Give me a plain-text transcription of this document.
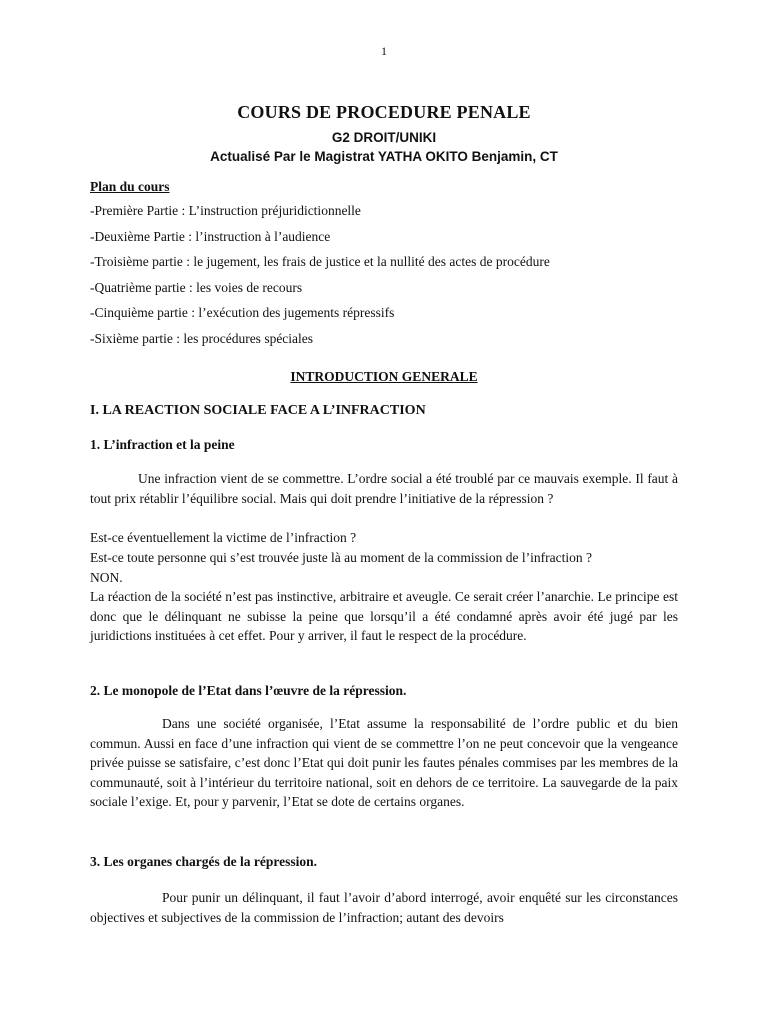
1
COURS DE PROCEDURE PENALE
G2 DROIT/UNIKI
Actualisé Par le Magistrat YATHA OKITO Benjamin, CT
Plan du cours
-Première Partie : L’instruction préjuridictionnelle
-Deuxième Partie : l’instruction à l’audience
-Troisième partie : le jugement, les frais de justice et la nullité des actes de procédure
-Quatrième partie : les voies de recours
-Cinquième partie : l’exécution des jugements répressifs
-Sixième partie : les procédures spéciales
INTRODUCTION GENERALE
I. LA REACTION SOCIALE FACE A L’INFRACTION
1. L’infraction et la peine

Une infraction vient de se commettre. L’ordre social a été troublé par ce mauvais exemple. Il faut à tout prix rétablir l’équilibre social. Mais qui doit prendre l’initiative de la répression ?

Est-ce éventuellement la victime de l’infraction ?

Est-ce toute personne qui s’est trouvée juste là au moment de la commission de l’infraction ?

NON.

La réaction de la société n’est pas instinctive, arbitraire et aveugle. Ce serait créer l’anarchie. Le principe est donc que le délinquant ne subisse la peine que lorsqu’il a été condamné après avoir été jugé par les juridictions instituées à cet effet. Pour y arriver, il faut le respect de la procédure.

2. Le monopole de l’Etat dans l’œuvre de la répression.

Dans une société organisée, l’Etat assume la responsabilité de l’ordre public et du bien commun. Aussi en face d’une infraction qui vient de se commettre l’on ne peut concevoir que la vengeance privée puisse se satisfaire, c’est donc l’Etat qui doit punir les fautes pénales commises par les membres de la communauté, soit à l’intérieur du territoire national, soit en dehors de ce territoire. La sauvegarde de la paix sociale l’exige. Et, pour y parvenir, l’Etat se dote de certains organes.

3. Les organes chargés de la répression.

Pour punir un délinquant, il faut l’avoir d’abord interrogé, avoir enquêté sur les circonstances objectives et subjectives de la commission de l’infraction; autant des devoirs
